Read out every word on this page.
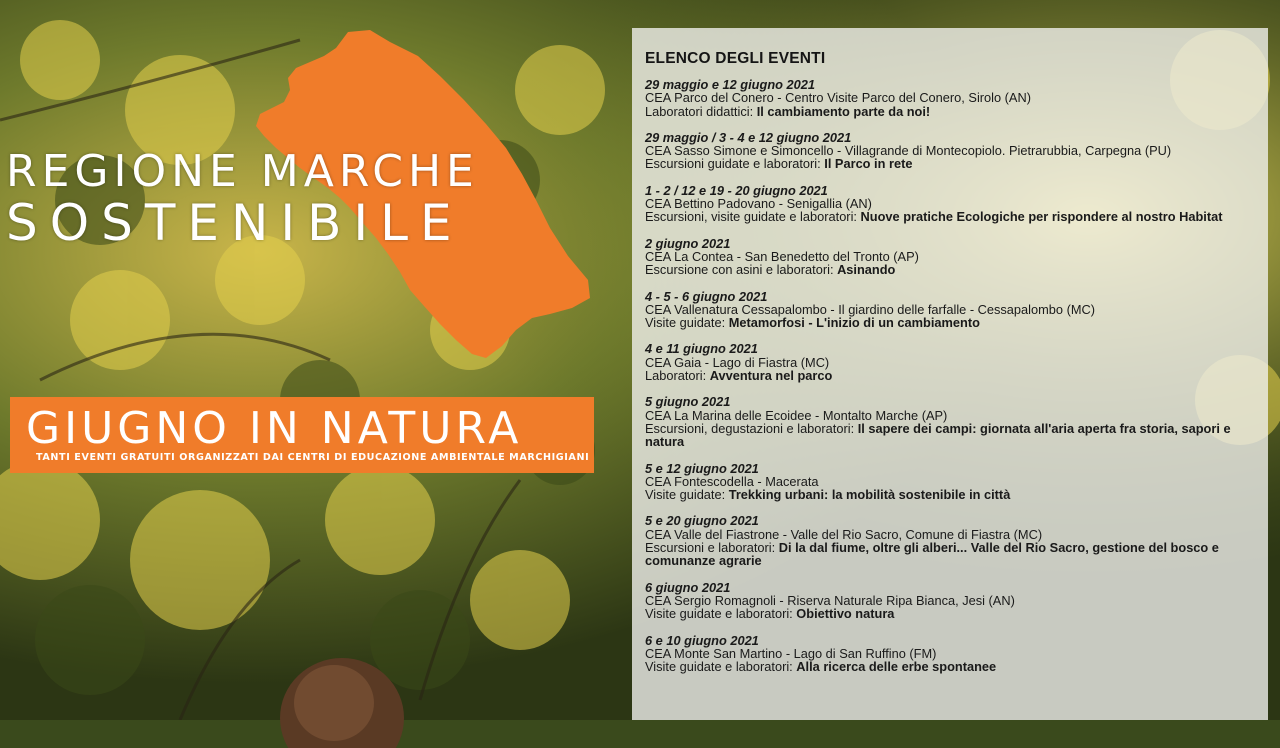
REGIONE MARCHE
SOSTENIBILE
GIUGNO IN NATURA
TANTI EVENTI GRATUITI ORGANIZZATI DAI CENTRI DI EDUCAZIONE AMBIENTALE MARCHIGIANI
ELENCO DEGLI EVENTI
29 maggio e 12 giugno 2021
CEA Parco del Conero - Centro Visite Parco del Conero, Sirolo (AN)
Laboratori didattici: Il cambiamento parte da noi!
29 maggio / 3 - 4 e 12 giugno 2021
CEA Sasso Simone e Simoncello - Villagrande di Montecopiolo. Pietrarubbia, Carpegna (PU)
Escursioni guidate e laboratori: Il Parco in rete
1 - 2 / 12 e 19 - 20 giugno 2021
CEA Bettino Padovano - Senigallia (AN)
Escursioni, visite guidate e laboratori: Nuove pratiche Ecologiche per rispondere al nostro Habitat
2 giugno 2021
CEA La Contea - San Benedetto del Tronto (AP)
Escursione con asini e laboratori: Asinando
4 - 5 - 6 giugno 2021
CEA Vallenatura Cessapalombo - Il giardino delle farfalle - Cessapalombo (MC)
Visite guidate: Metamorfosi - L'inizio di un cambiamento
4 e 11 giugno 2021
CEA Gaia - Lago di Fiastra (MC)
Laboratori: Avventura nel parco
5 giugno 2021
CEA La Marina delle Ecoidee - Montalto Marche (AP)
Escursioni, degustazioni e laboratori: Il sapere dei campi: giornata all'aria aperta fra storia, sapori e natura
5 e 12 giugno 2021
CEA Fontescodella - Macerata
Visite guidate: Trekking urbani: la mobilità sostenibile in città
5 e 20 giugno 2021
CEA Valle del Fiastrone - Valle del Rio Sacro, Comune di Fiastra (MC)
Escursioni e laboratori: Di la dal fiume, oltre gli alberi... Valle del Rio Sacro, gestione del bosco e comunanze agrarie
6 giugno 2021
CEA Sergio Romagnoli - Riserva Naturale Ripa Bianca, Jesi (AN)
Visite guidate e laboratori: Obiettivo natura
6 e 10 giugno 2021
CEA Monte San Martino - Lago di San Ruffino (FM)
Visite guidate e laboratori: Alla ricerca delle erbe spontanee
